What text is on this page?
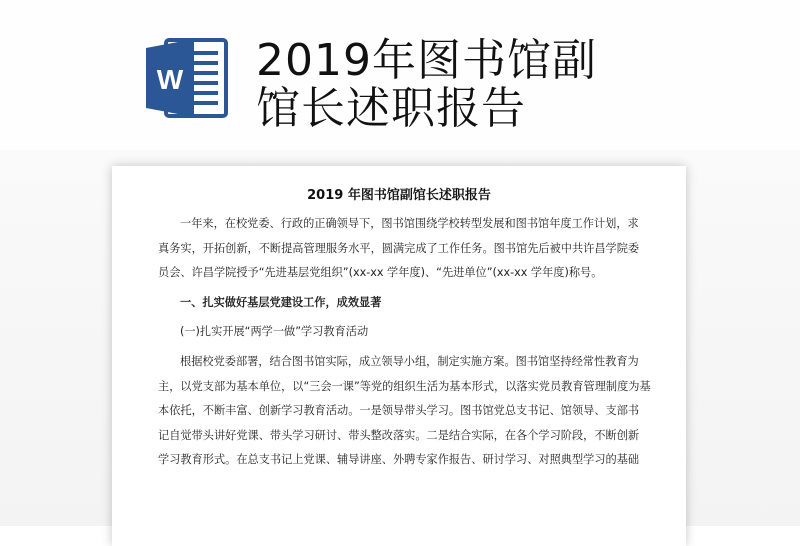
W 2019年图书馆副
馆长述职报告
2019 年图书馆副馆长述职报告

一年来，在校党委、行政的正确领导下，图书馆围绕学校转型发展和图书馆年度工作计划，求

真务实，开拓创新，不断提高管理服务水平，圆满完成了工作任务。图书馆先后被中共许昌学院委

员会、许昌学院授予“先进基层党组织”(xx-xx 学年度)、“先进单位”(xx-xx 学年度)称号。

一、扎实做好基层党建设工作，成效显著

(一)扎实开展“两学一做”学习教育活动

根据校党委部署，结合图书馆实际，成立领导小组，制定实施方案。图书馆坚持经常性教育为

主，以党支部为基本单位，以“三会一课”等党的组织生活为基本形式，以落实党员教育管理制度为基

本依托，不断丰富、创新学习教育活动。一是领导带头学习。图书馆党总支书记、馆领导、支部书

记自觉带头讲好党课、带头学习研讨、带头整改落实。二是结合实际，在各个学习阶段，不断创新

学习教育形式。在总支书记上党课、辅导讲座、外聘专家作报告、研讨学习、对照典型学习的基础
